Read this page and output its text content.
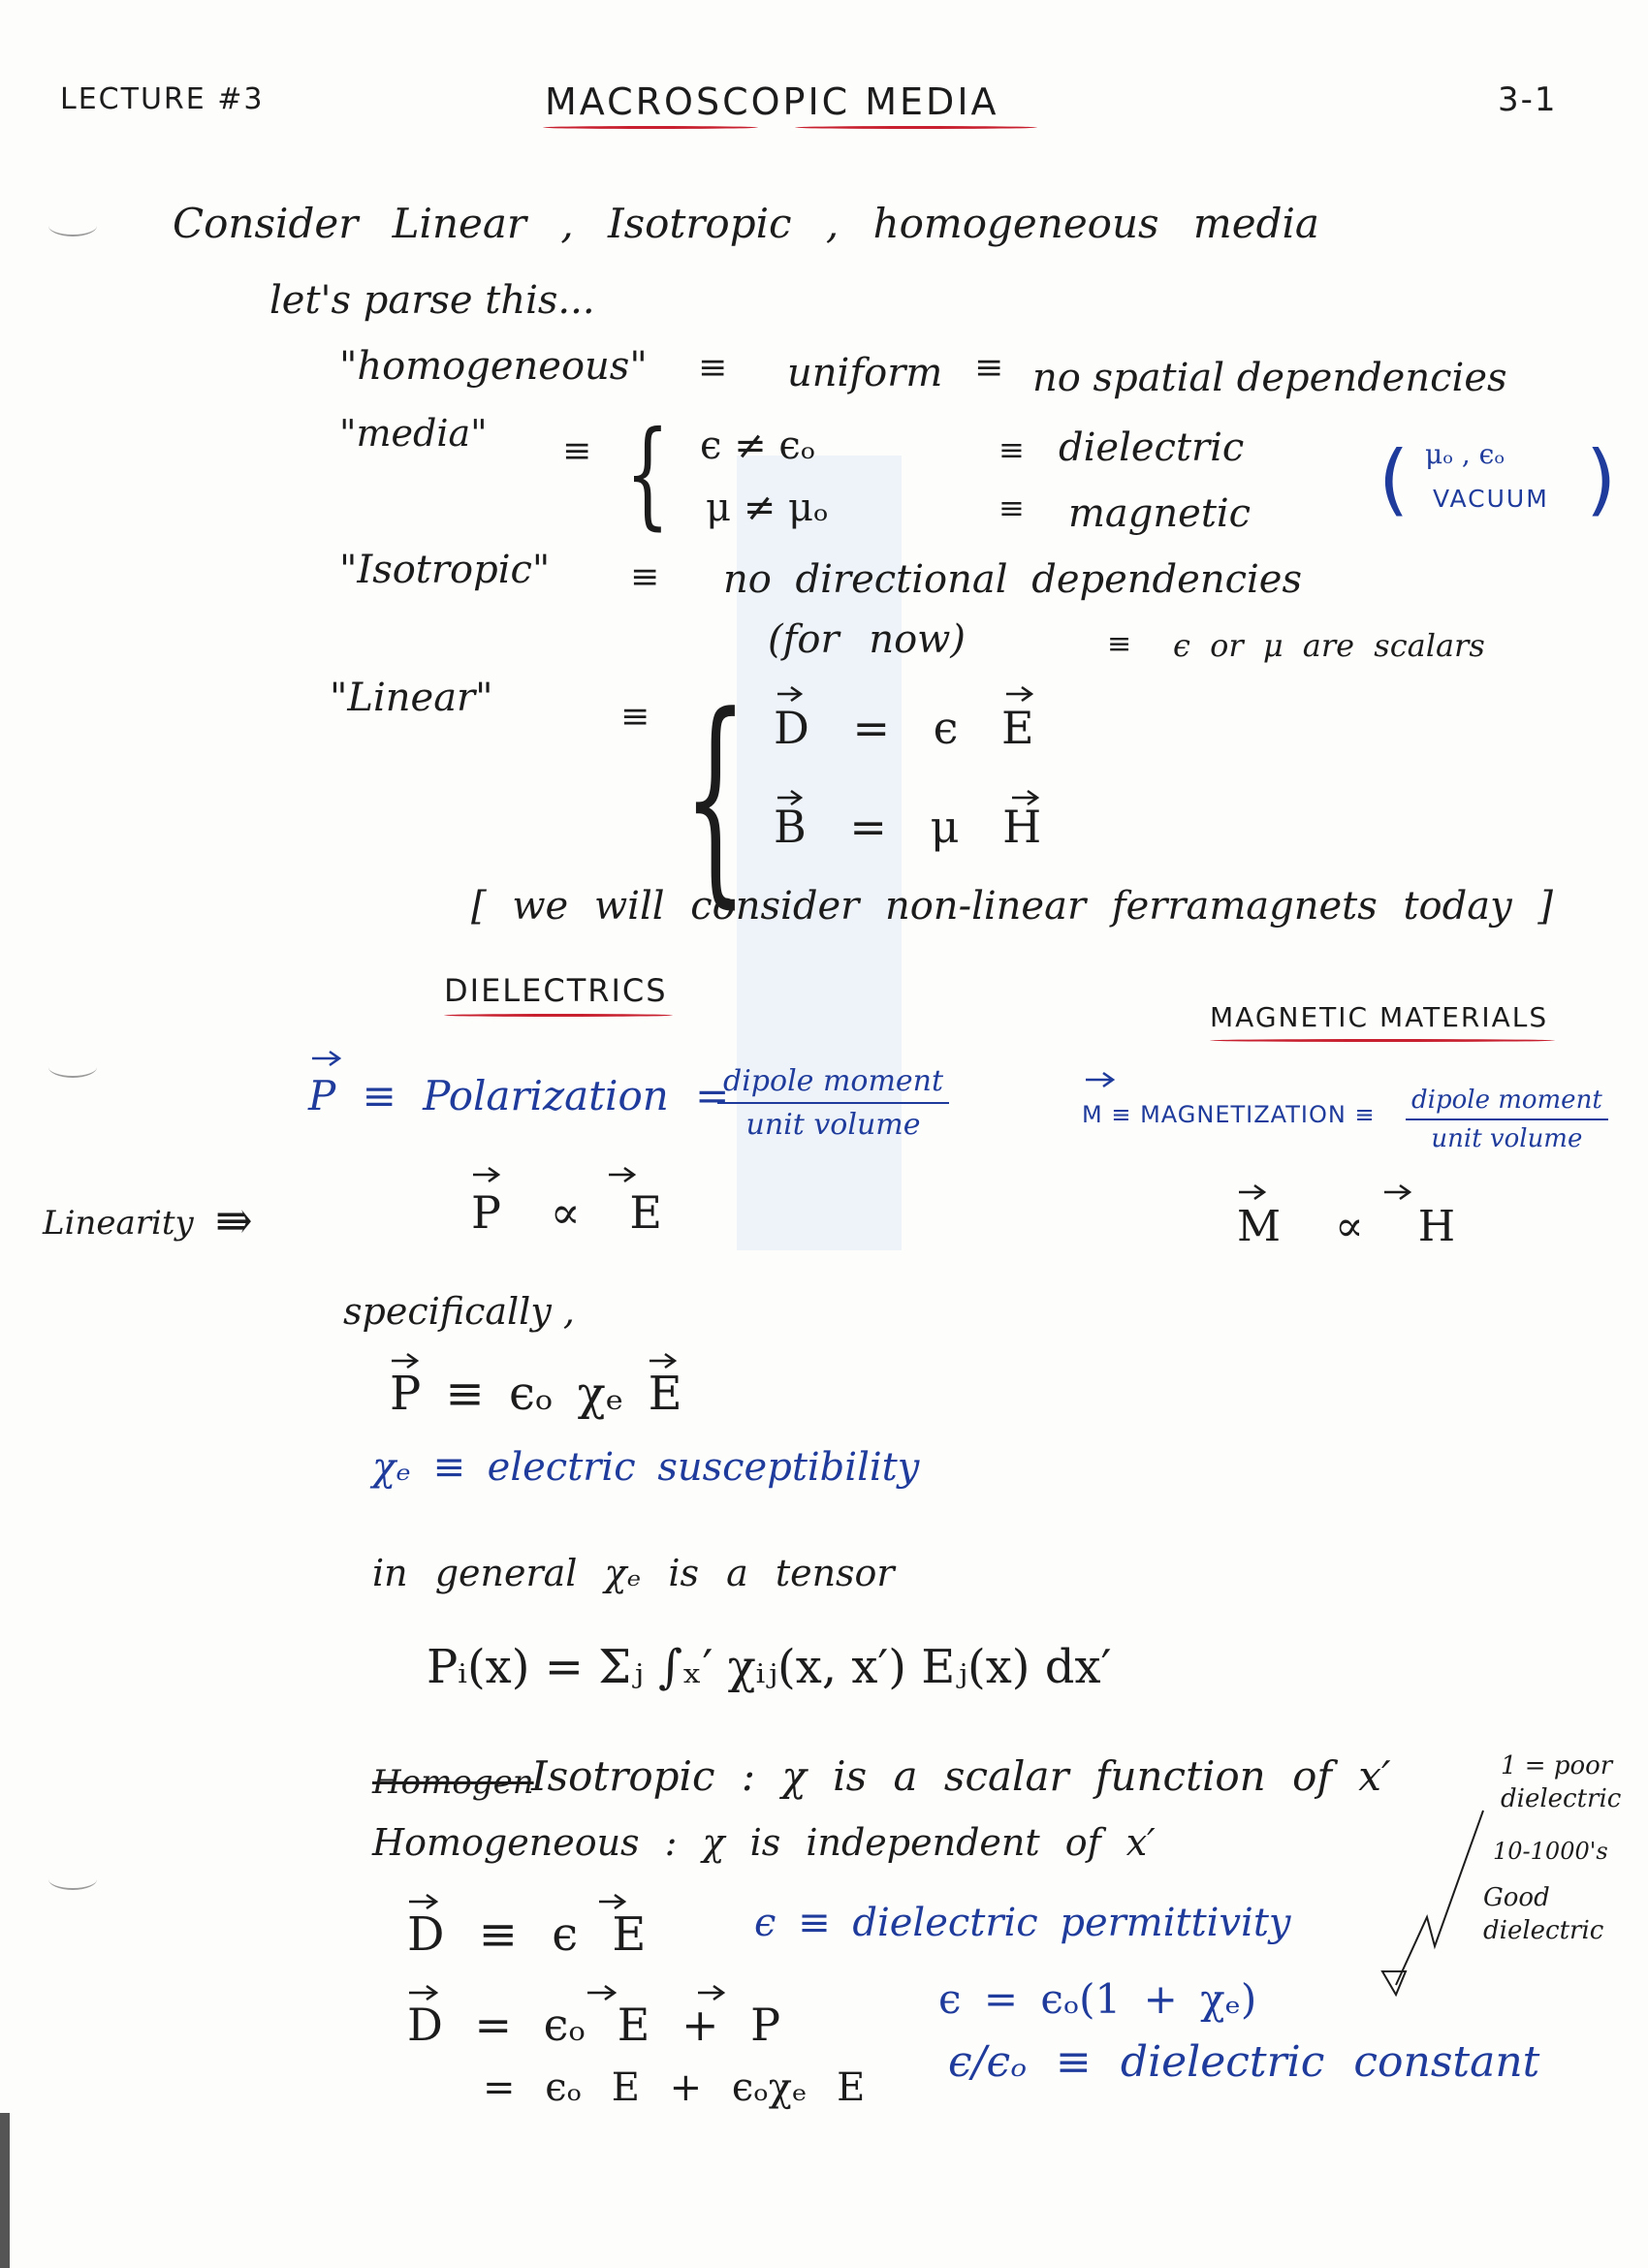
LECTURE #3	MACROSCOPIC MEDIA	3-1
Consider Linear , Isotropic , homogeneous media
let's parse this...
"homogeneous" ≡ uniform ≡ no spatial dependencies
"media" ≡ { ϵ ≠ ϵₒ	≡ dielectric
μ ≠ μₒ	≡ magnetic ( μₒ , ϵₒ
VACUUM )
"Isotropic" ≡ no directional dependencies
(for now)	≡ ϵ or μ are scalars
"Linear"	≡ { D = ϵ E
B = μ H
[ we will consider non-linear ferramagnets today ]
DIELECTRICS
MAGNETIC MATERIALS
P ≡ Polarization =
dipole moment
unit volume	M ≡ MAGNETIZATION ≡ dipole moment
unit volume
Linearity ⇛	P ∝ E	M ∝ H
specifically ,
P ≡ ϵₒ χₑ E
χₑ ≡ electric susceptibility
in general χₑ is a tensor
Pᵢ(x) = Σⱼ ∫ₓ′ χᵢⱼ(x, x′) Eⱼ(x) dx′
Homogen
Isotropic : χ is a scalar function of x′
Homogeneous : χ is independent of x′
D ≡ ϵ E	ϵ ≡ dielectric permittivity
D = ϵₒ E + P	ϵ = ϵₒ(1 + χₑ)
= ϵₒ E + ϵₒχₑ E
ϵ/ϵₒ ≡ dielectric constant
1 = poor dielectric
10-1000's
Good dielectric
